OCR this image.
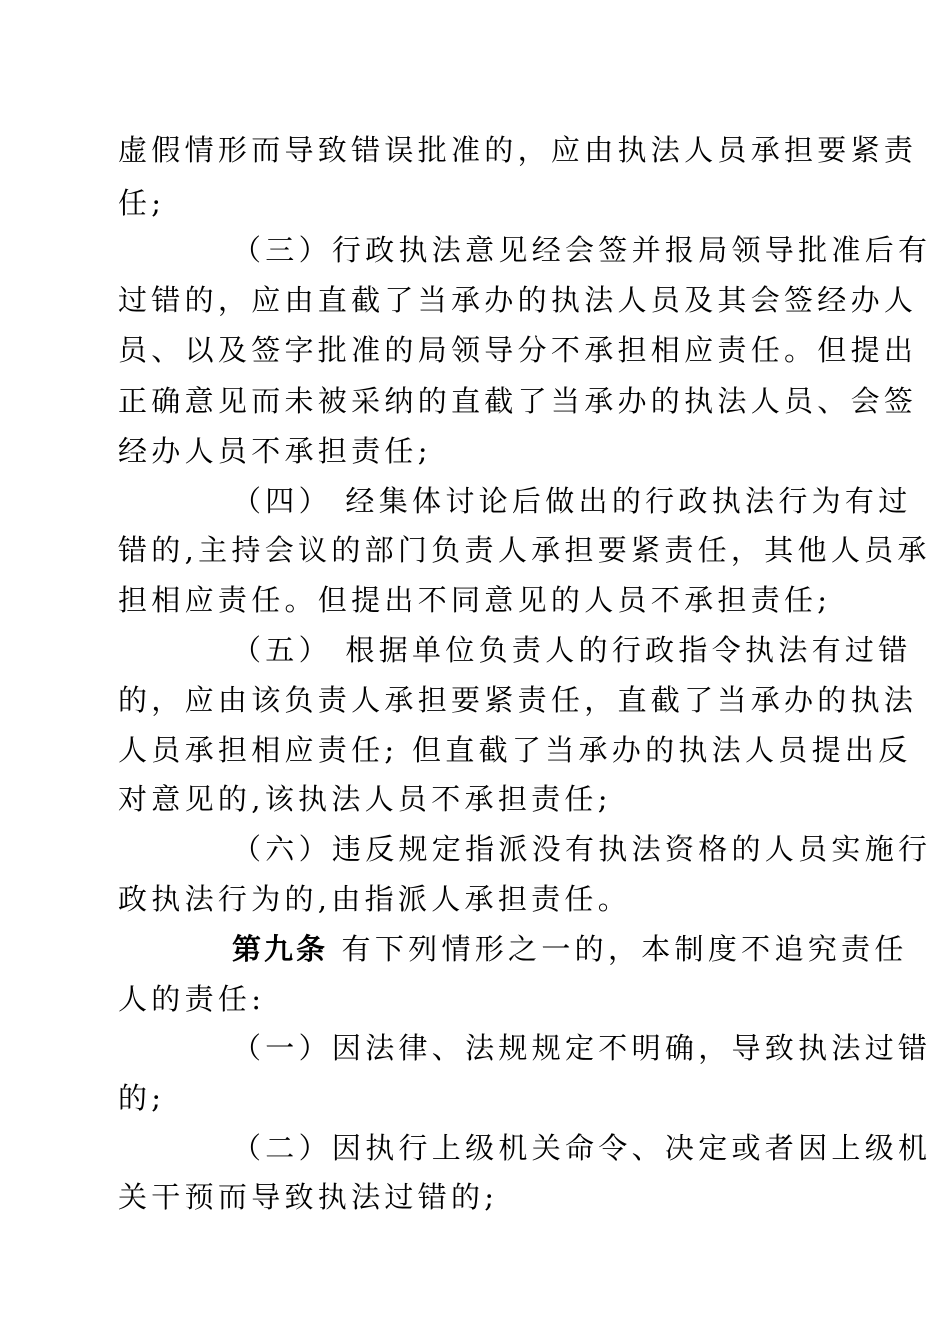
虚假情形而导致错误批准的，应由执法人员承担要紧责
任;
（三）行政执法意见经会签并报局领导批准后有
过错的，应由直截了当承办的执法人员及其会签经办人
员、以及签字批准的局领导分不承担相应责任。但提出
正确意见而未被采纳的直截了当承办的执法人员、会签
经办人员不承担责任;
（四） 经集体讨论后做出的行政执法行为有过
错的,主持会议的部门负责人承担要紧责任，其他人员承
担相应责任。但提出不同意见的人员不承担责任;
（五） 根据单位负责人的行政指令执法有过错
的，应由该负责人承担要紧责任，直截了当承办的执法
人员承担相应责任; 但直截了当承办的执法人员提出反
对意见的,该执法人员不承担责任;
（六）违反规定指派没有执法资格的人员实施行
政执法行为的,由指派人承担责任。
第九条 有下列情形之一的，本制度不追究责任
人的责任:
（一）因法律、法规规定不明确，导致执法过错
的;
（二）因执行上级机关命令、决定或者因上级机
关干预而导致执法过错的;
